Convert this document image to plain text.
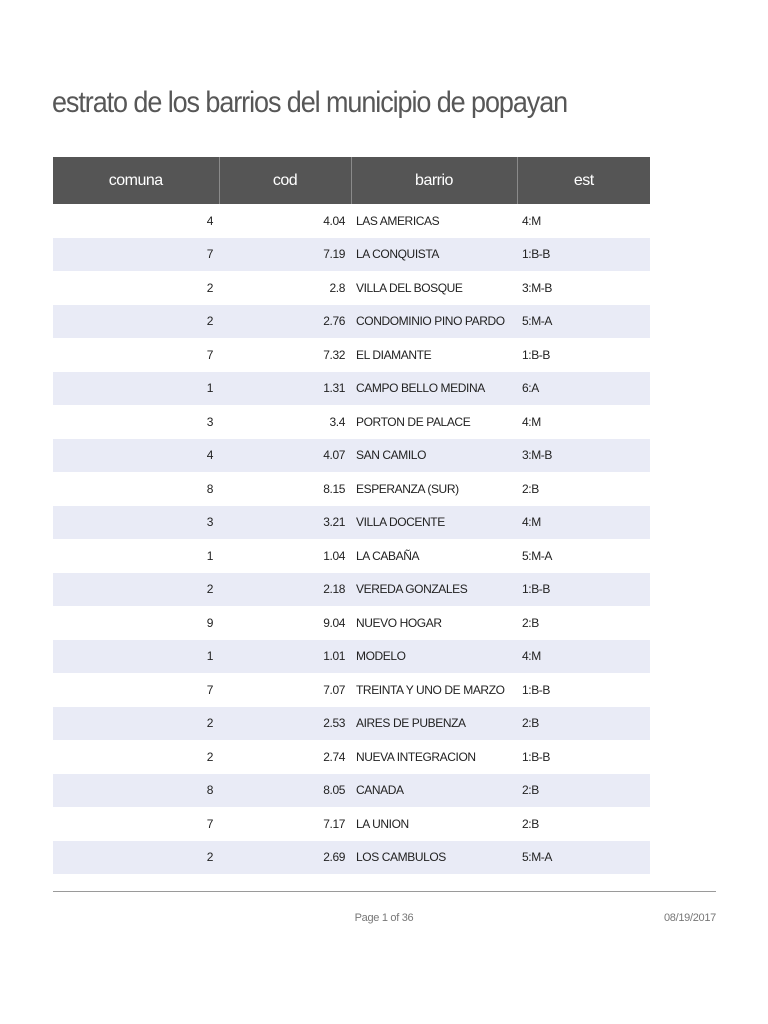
estrato de los barrios del municipio de popayan
comuna	cod	barrio	est
4	4.04	LAS AMERICAS	4:M
7	7.19	LA CONQUISTA	1:B-B
2	2.8	VILLA DEL BOSQUE	3:M-B
2	2.76	CONDOMINIO PINO PARDO	5:M-A
7	7.32	EL DIAMANTE	1:B-B
1	1.31	CAMPO BELLO MEDINA	6:A
3	3.4	PORTON DE PALACE	4:M
4	4.07	SAN CAMILO	3:M-B
8	8.15	ESPERANZA (SUR)	2:B
3	3.21	VILLA DOCENTE	4:M
1	1.04	LA CABAÑA	5:M-A
2	2.18	VEREDA GONZALES	1:B-B
9	9.04	NUEVO HOGAR	2:B
1	1.01	MODELO	4:M
7	7.07	TREINTA Y UNO DE MARZO	1:B-B
2	2.53	AIRES DE PUBENZA	2:B
2	2.74	NUEVA INTEGRACION	1:B-B
8	8.05	CANADA	2:B
7	7.17	LA UNION	2:B
2	2.69	LOS CAMBULOS	5:M-A
Page 1 of 36	08/19/2017
